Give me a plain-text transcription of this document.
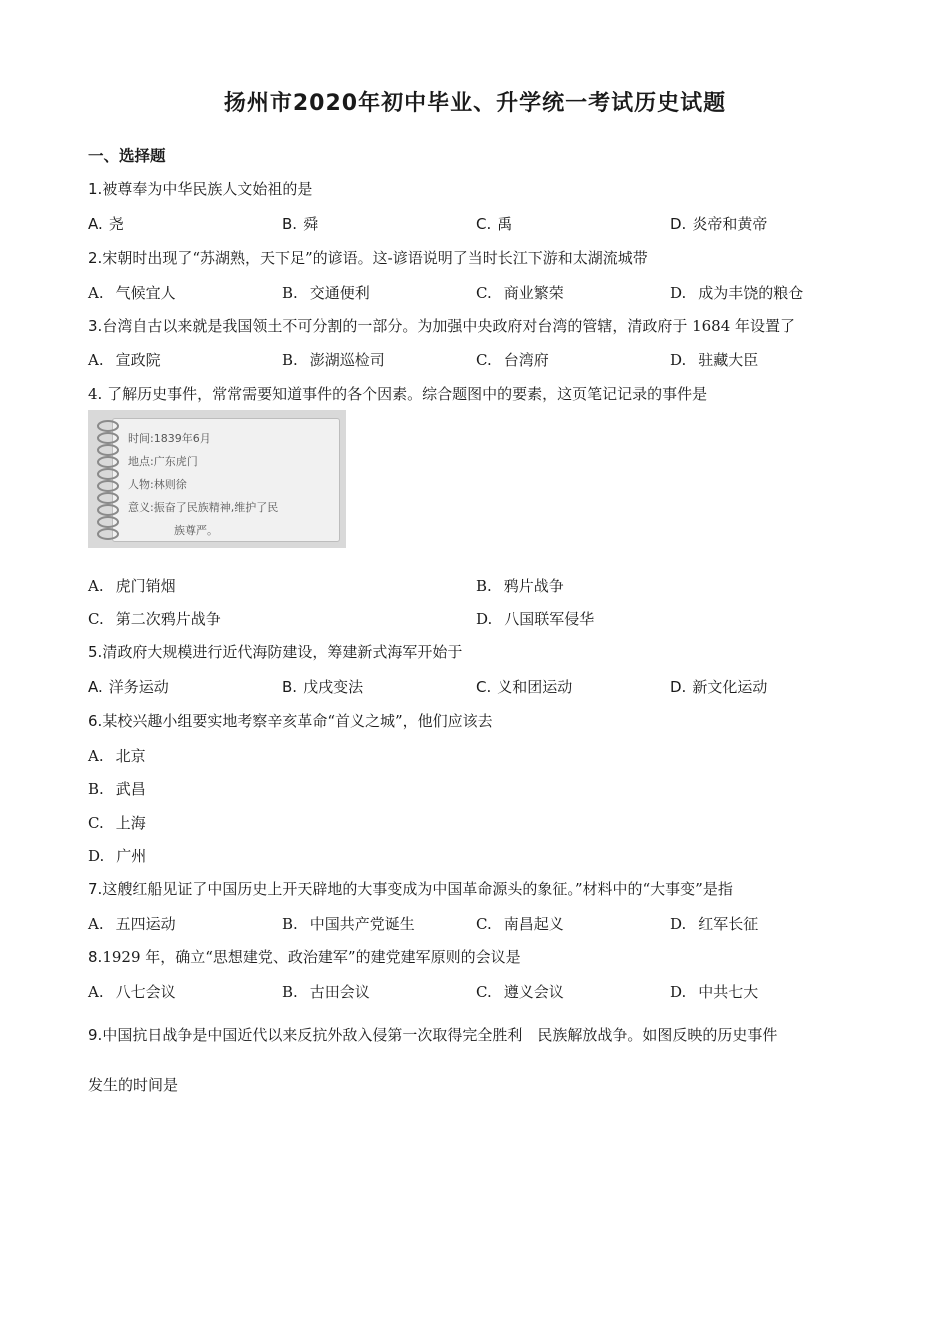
扬州市2020年初中毕业、升学统一考试历史试题
一、选择题
1.被尊奉为中华民族人文始祖的是
A. 尧	B. 舜	C. 禹	D. 炎帝和黄帝
2.宋朝时出现了“苏湖熟，天下足”的谚语。这-谚语说明了当时长江下游和太湖流城带
A. 气候宜人	B. 交通便利	C. 商业繁荣	D. 成为丰饶的粮仓
3.台湾自古以来就是我国领土不可分割的一部分。为加强中央政府对台湾的管辖，清政府于 1684 年设置了
A. 宣政院	B. 澎湖巡检司	C. 台湾府	D. 驻藏大臣
4. 了解历史事件，常常需要知道事件的各个因素。综合题图中的要素，这页笔记记录的事件是
时间:1839年6月
地点:广东虎门
人物:林则徐
意义:振奋了民族精神,维护了民
族尊严。
A. 虎门销烟	B. 鸦片战争
C. 第二次鸦片战争	D. 八国联军侵华
5.清政府大规模进行近代海防建设，筹建新式海军开始于
A. 洋务运动	B. 戊戌变法	C. 义和团运动	D. 新文化运动
6.某校兴趣小组要实地考察辛亥革命“首义之城”，他们应该去
A. 北京
B. 武昌
C. 上海
D. 广州
7.这艘红船见证了中国历史上开天辟地的大事变成为中国革命源头的象征。”材料中的“大事变”是指
A. 五四运动	B. 中国共产党诞生	C. 南昌起义	D. 红军长征
8.1929 年，确立“思想建党、政治建军”的建党建军原则的会议是
A. 八七会议	B. 古田会议	C. 遵义会议	D. 中共七大
9.中国抗日战争是中国近代以来反抗外敌入侵第一次取得完全胜利　民族解放战争。如图反映的历史事件
发生的时间是
